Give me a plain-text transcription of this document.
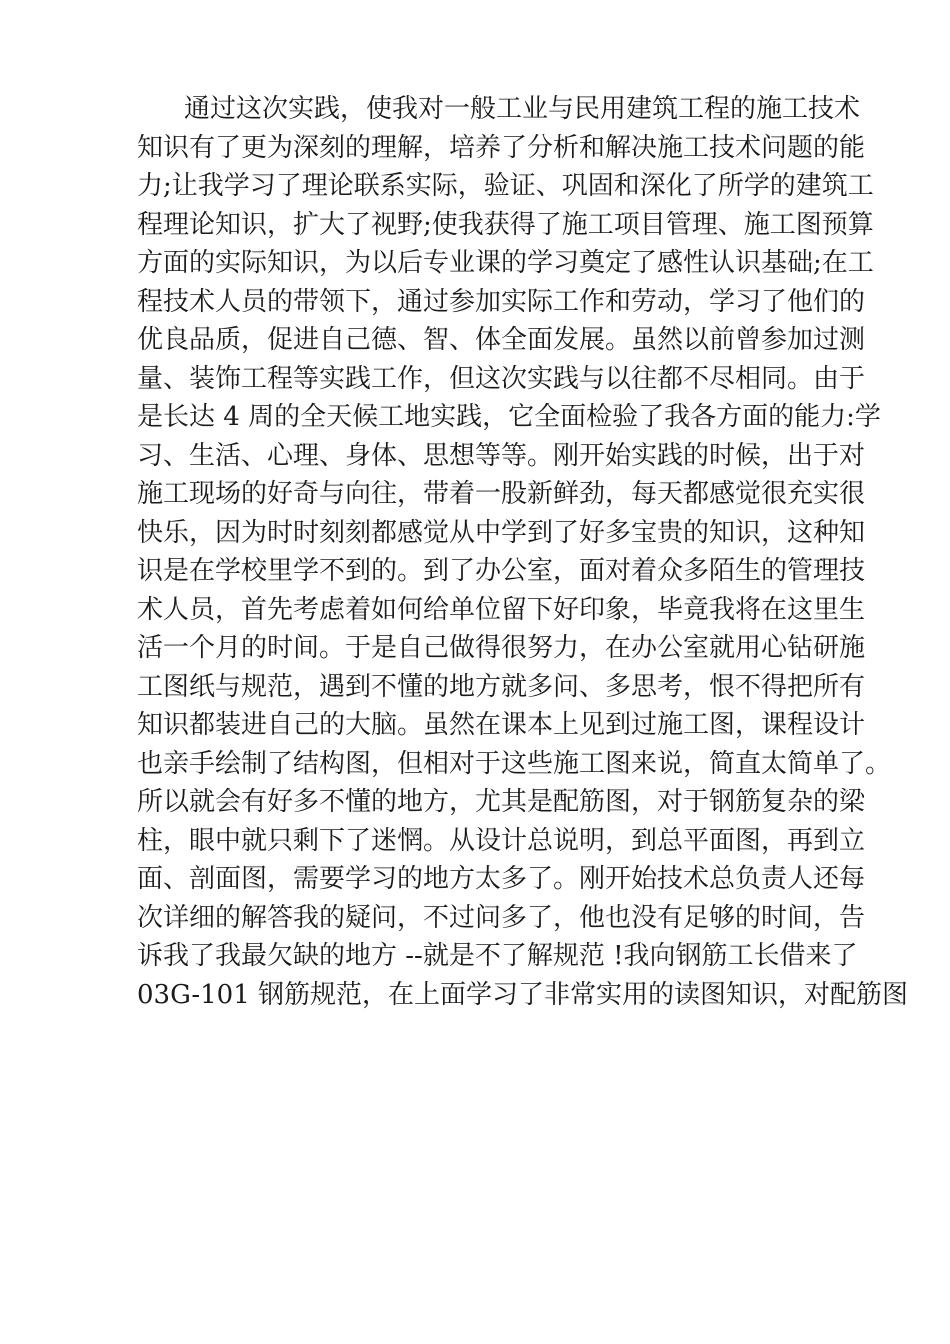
通过这次实践，使我对一般工业与民用建筑工程的施工技术
知识有了更为深刻的理解，培养了分析和解决施工技术问题的能
力;让我学习了理论联系实际，验证、巩固和深化了所学的建筑工
程理论知识，扩大了视野;使我获得了施工项目管理、施工图预算
方面的实际知识，为以后专业课的学习奠定了感性认识基础;在工
程技术人员的带领下，通过参加实际工作和劳动，学习了他们的
优良品质，促进自己德、智、体全面发展。虽然以前曾参加过测
量、装饰工程等实践工作，但这次实践与以往都不尽相同。由于
是长达 4 周的全天候工地实践，它全面检验了我各方面的能力:学
习、生活、心理、身体、思想等等。刚开始实践的时候，出于对
施工现场的好奇与向往，带着一股新鲜劲，每天都感觉很充实很
快乐，因为时时刻刻都感觉从中学到了好多宝贵的知识，这种知
识是在学校里学不到的。到了办公室，面对着众多陌生的管理技
术人员，首先考虑着如何给单位留下好印象，毕竟我将在这里生
活一个月的时间。于是自己做得很努力，在办公室就用心钻研施
工图纸与规范，遇到不懂的地方就多问、多思考，恨不得把所有
知识都装进自己的大脑。虽然在课本上见到过施工图，课程设计
也亲手绘制了结构图，但相对于这些施工图来说，简直太简单了。
所以就会有好多不懂的地方，尤其是配筋图，对于钢筋复杂的梁
柱，眼中就只剩下了迷惘。从设计总说明，到总平面图，再到立
面、剖面图，需要学习的地方太多了。刚开始技术总负责人还每
次详细的解答我的疑问，不过问多了，他也没有足够的时间，告
诉我了我最欠缺的地方 --就是不了解规范 !我向钢筋工长借来了
03G-101 钢筋规范，在上面学习了非常实用的读图知识，对配筋图
